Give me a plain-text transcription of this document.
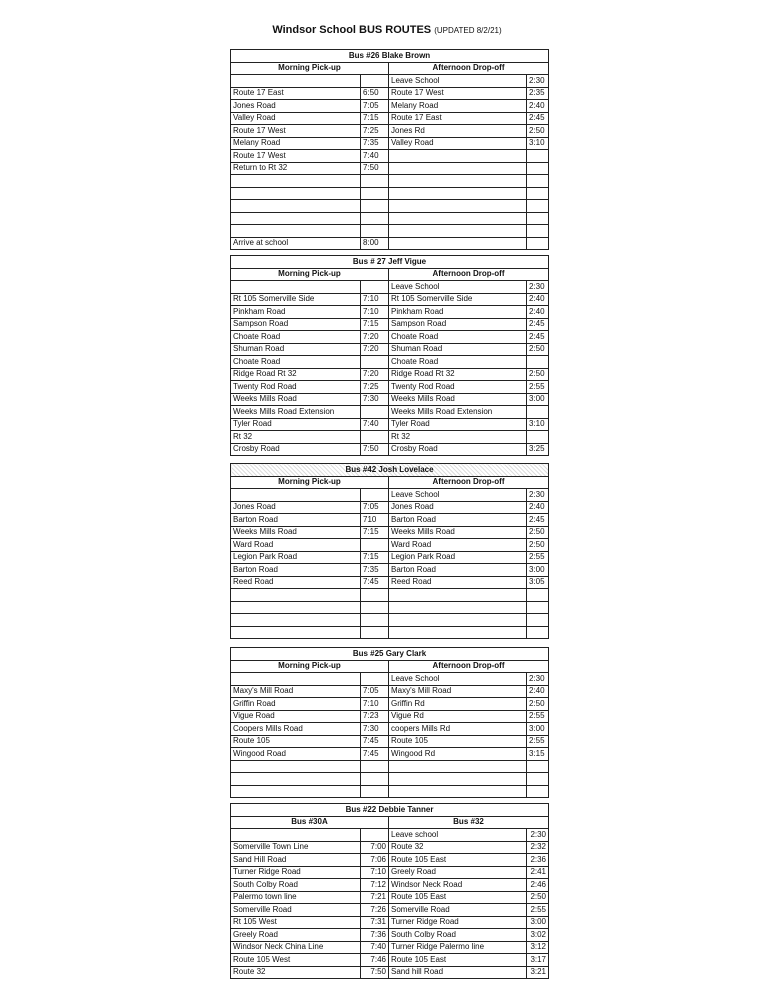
Windsor School BUS ROUTES (UPDATED 8/2/21)
Bus #26 Blake Brown			
Morning Pick-up		Afternoon Drop-off	
		Leave School	2:30
Route 17 East	6:50	Route 17 West	2:35
Jones Road	7:05	Melany Road	2:40
Valley Road	7:15	Route 17 East	2:45
Route 17 West	7:25	Jones Rd	2:50
Melany Road	7:35	Valley Road	3:10
Route 17 West	7:40		
Return to Rt 32	7:50		

Arrive at school	8:00		
Bus # 27 Jeff Vigue			
Morning Pick-up		Afternoon Drop-off	
		Leave School	2:30
Rt 105 Somerville Side	7:10	Rt 105 Somerville Side	2:40
Pinkham Road	7:10	Pinkham Road	2:40
Sampson Road	7:15	Sampson Road	2:45
Choate Road	7:20	Choate Road	2:45
Shuman Road	7:20	Shuman Road	2:50
Choate Road		Choate Road	
Ridge Road Rt 32	7:20	Ridge Road Rt 32	2:50
Twenty Rod Road	7:25	Twenty Rod Road	2:55
Weeks Mills Road	7:30	Weeks Mills Road	3:00
Weeks Mills Road Extension		Weeks Mills Road Extension	
Tyler Road	7:40	Tyler Road	3:10
Rt 32		Rt 32	
Crosby Road	7:50	Crosby Road	3:25
Bus #42 Josh Lovelace			
Morning Pick-up		Afternoon Drop-off	
		Leave School	2:30
Jones Road	7:05	Jones Road	2:40
Barton Road	710	Barton Road	2:45
Weeks Mills Road	7:15	Weeks Mills Road	2:50
Ward Road		Ward Road	2:50
Legion Park Road	7:15	Legion Park Road	2:55
Barton Road	7:35	Barton Road	3:00
Reed Road	7:45	Reed Road	3:05

Bus #25 Gary Clark			
Morning Pick-up		Afternoon Drop-off	
		Leave School	2:30
Maxy's Mill Road	7:05	Maxy's Mill Road	2:40
Griffin Road	7:10	Griffin Rd	2:50
Vigue Road	7:23	Vigue Rd	2:55
Coopers Mills Road	7:30	coopers Mills Rd	3:00
Route 105	7:45	Route 105	2:55
Wingood Road	7:45	Wingood Rd	3:15

Bus #22 Debbie Tanner			
Bus #30A		Bus #32	
		Leave school	2:30
Somerville Town Line	7:00	Route 32	2:32
Sand Hill Road	7:06	Route 105 East	2:36
Turner Ridge Road	7:10	Greely Road	2:41
South Colby Road	7:12	Windsor Neck Road	2:46
Palermo town line	7:21	Route 105 East	2:50
Somerville Road	7:26	Somerville Road	2:55
Rt 105 West	7:31	Turner Ridge Road	3:00
Greely Road	7:36	South Colby Road	3:02
Windsor Neck China Line	7:40	Turner Ridge Palermo line	3:12
Route 105 West	7:46	Route 105 East	3:17
Route 32	7:50	Sand hill Road	3:21
